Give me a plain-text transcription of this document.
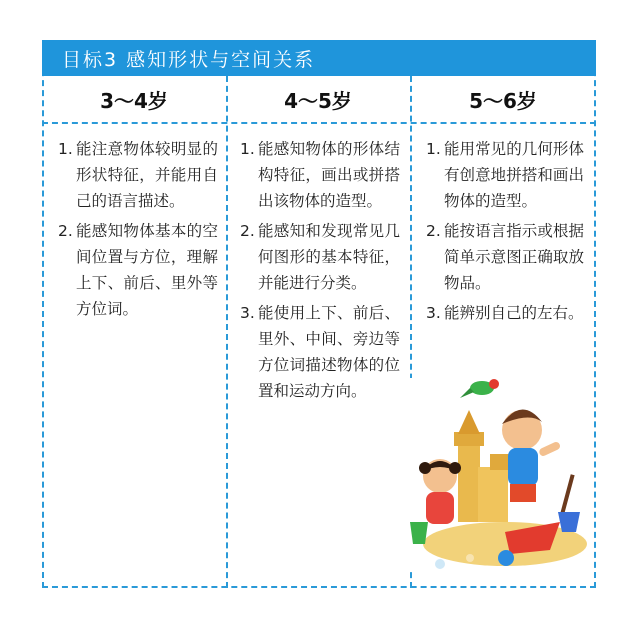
目标3 感知形状与空间关系
3～4岁	4～5岁	5～6岁
1. 能注意物体较明显的形状特征，并能用自己的语言描述。
2. 能感知物体基本的空间位置与方位，理解上下、前后、里外等方位词。
1. 能感知物体的形体结构特征，画出或拼搭出该物体的造型。
2. 能感知和发现常见几何图形的基本特征，并能进行分类。
3. 能使用上下、前后、里外、中间、旁边等方位词描述物体的位置和运动方向。
1. 能用常见的几何形体有创意地拼搭和画出物体的造型。
2. 能按语言指示或根据简单示意图正确取放物品。
3. 能辨别自己的左右。
